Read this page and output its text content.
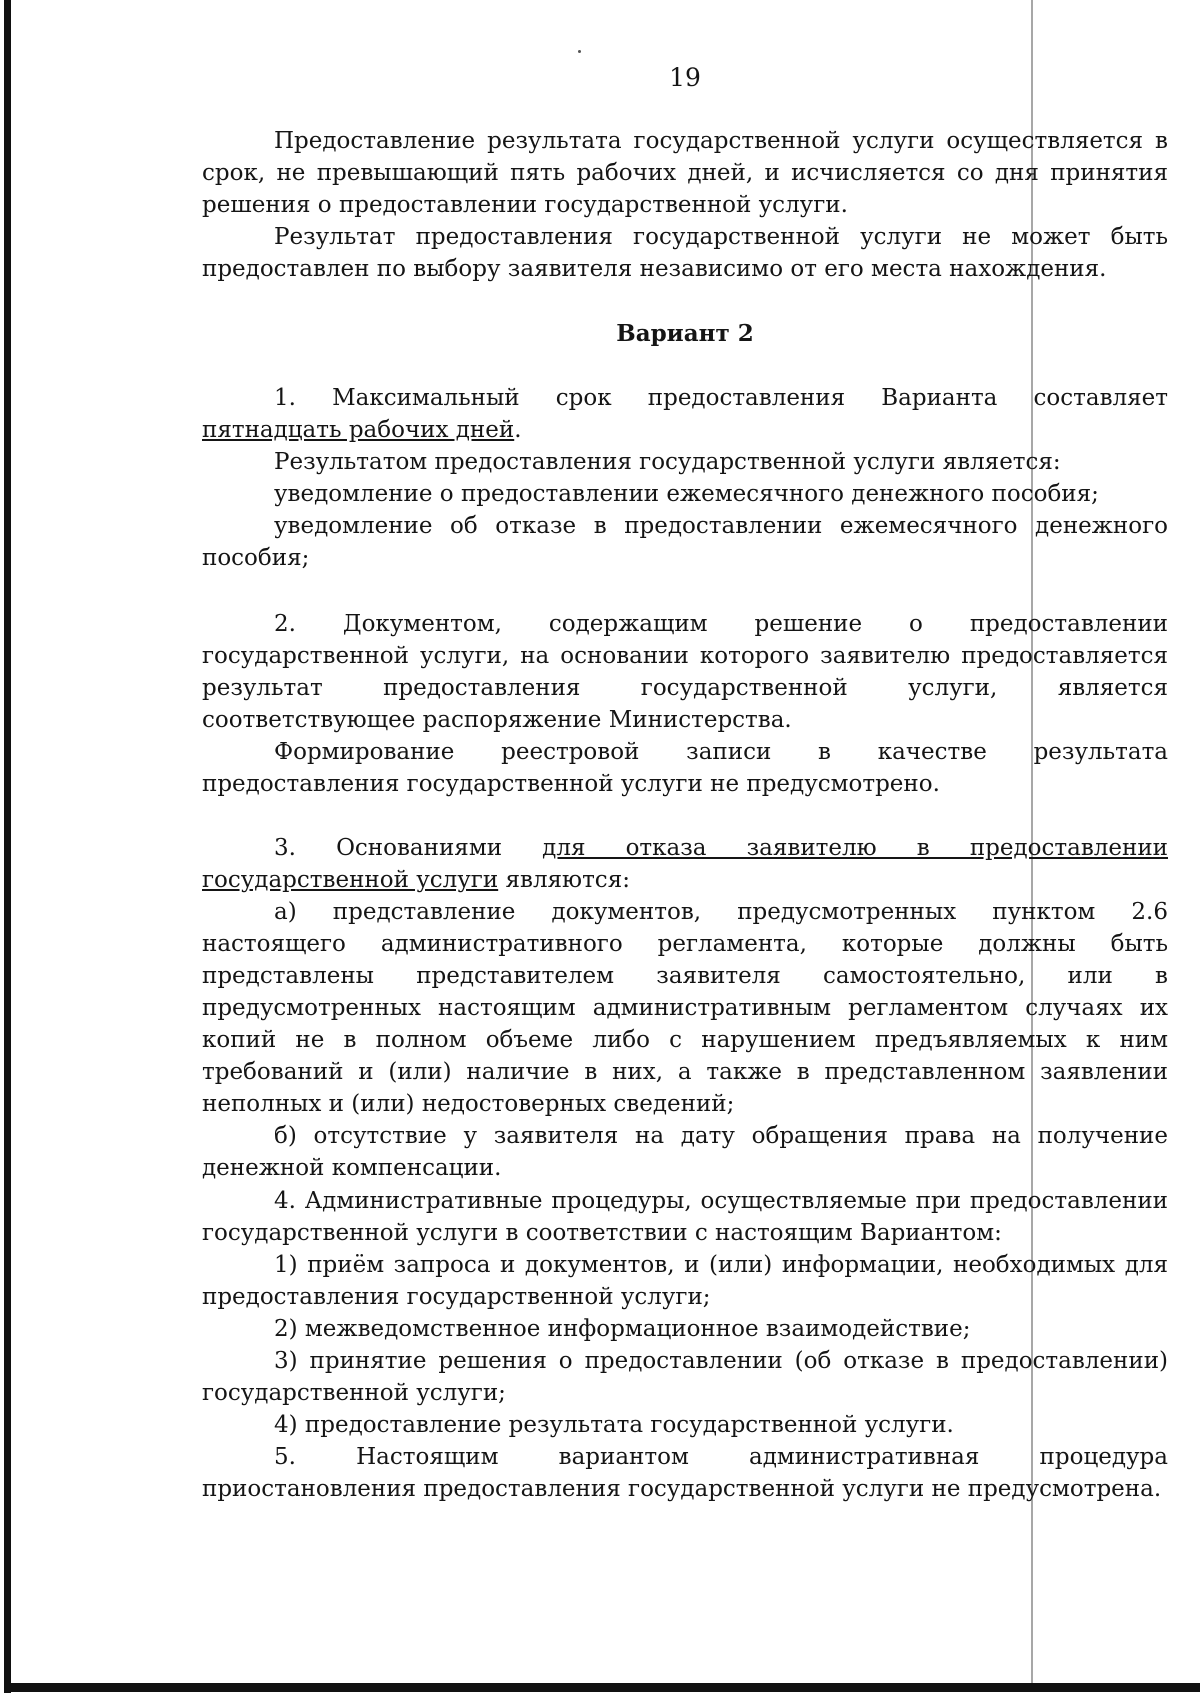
19

Предоставление результата государственной услуги осуществляется в срок, не превышающий пять рабочих дней, и исчисляется со дня принятия решения о предоставлении государственной услуги.

Результат предоставления государственной услуги не может быть предоставлен по выбору заявителя независимо от его места нахождения.

Вариант 2

1. Максимальный срок предоставления Варианта составляет пятнадцать рабочих дней.

Результатом предоставления государственной услуги является:

уведомление о предоставлении ежемесячного денежного пособия;

уведомление об отказе в предоставлении ежемесячного денежного пособия;

2. Документом, содержащим решение о предоставлении государственной услуги, на основании которого заявителю предоставляется результат предоставления государственной услуги, является соответствующее распоряжение Министерства.

Формирование реестровой записи в качестве результата предоставления государственной услуги не предусмотрено.

3. Основаниями для отказа заявителю в предоставлении государственной услуги являются:

а) представление документов, предусмотренных пунктом 2.6 настоящего административного регламента, которые должны быть представлены представителем заявителя самостоятельно, или в предусмотренных настоящим административным регламентом случаях их копий не в полном объеме либо с нарушением предъявляемых к ним требований и (или) наличие в них, а также в представленном заявлении неполных и (или) недостоверных сведений;

б) отсутствие у заявителя на дату обращения права на получение денежной компенсации.

4. Административные процедуры, осуществляемые при предоставлении государственной услуги в соответствии с настоящим Вариантом:

1) приём запроса и документов, и (или) информации, необходимых для предоставления государственной услуги;

2) межведомственное информационное взаимодействие;

3) принятие решения о предоставлении (об отказе в предоставлении) государственной услуги;

4) предоставление результата государственной услуги.

5. Настоящим вариантом административная процедура приостановления предоставления государственной услуги не предусмотрена.
